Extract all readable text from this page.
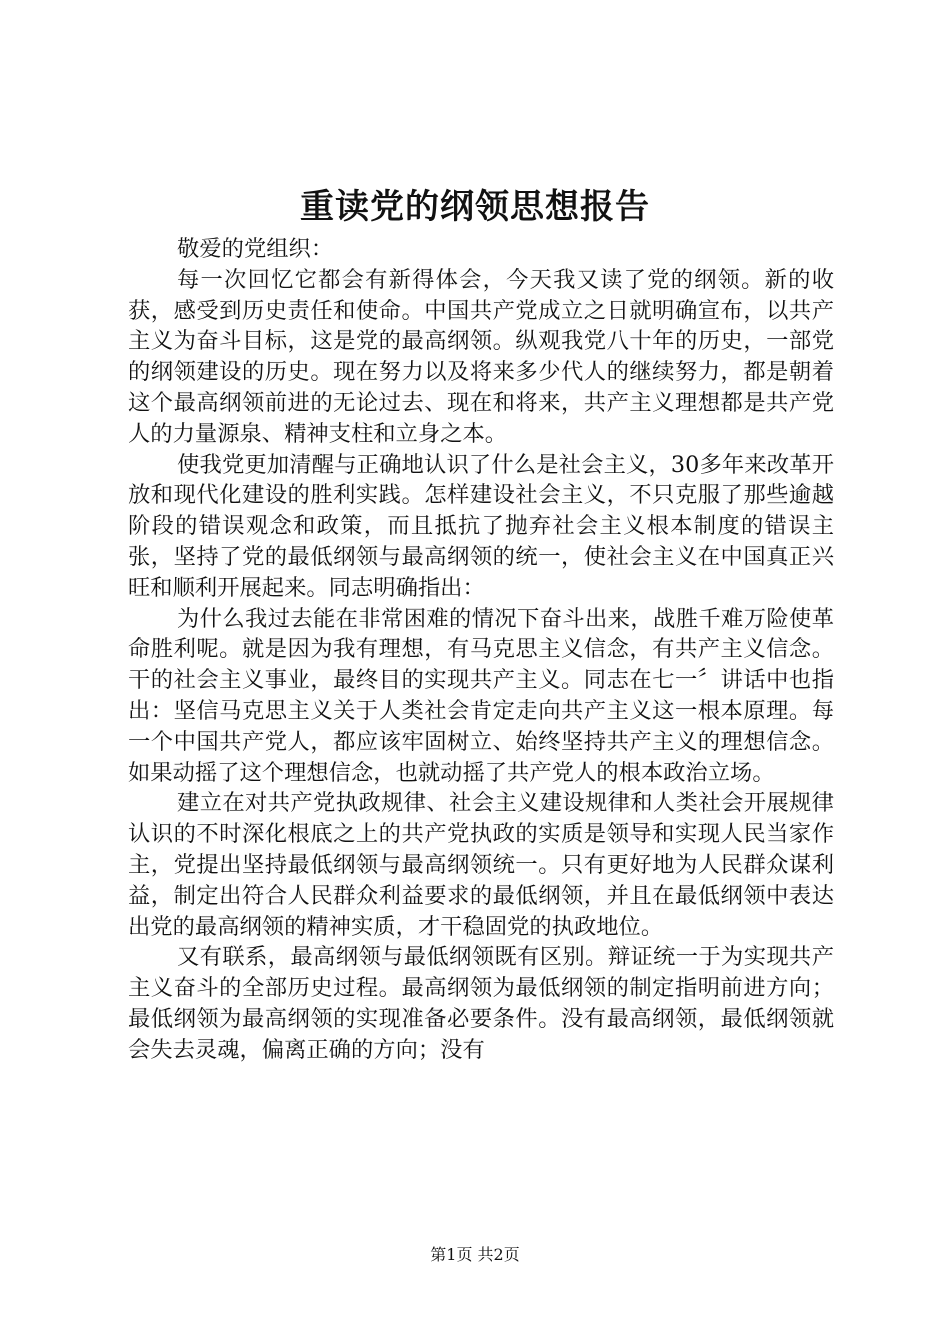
重读党的纲领思想报告

敬爱的党组织：

每一次回忆它都会有新得体会，今天我又读了党的纲领。新的收获，感受到历史责任和使命。中国共产党成立之日就明确宣布，以共产主义为奋斗目标，这是党的最高纲领。纵观我党八十年的历史，一部党的纲领建设的历史。现在努力以及将来多少代人的继续努力，都是朝着这个最高纲领前进的无论过去、现在和将来，共产主义理想都是共产党人的力量源泉、精神支柱和立身之本。

使我党更加清醒与正确地认识了什么是社会主义，30多年来改革开放和现代化建设的胜利实践。怎样建设社会主义，不只克服了那些逾越阶段的错误观念和政策，而且抵抗了抛弃社会主义根本制度的错误主张，坚持了党的最低纲领与最高纲领的统一，使社会主义在中国真正兴旺和顺利开展起来。同志明确指出：

为什么我过去能在非常困难的情况下奋斗出来，战胜千难万险使革命胜利呢。就是因为我有理想，有马克思主义信念，有共产主义信念。干的社会主义事业，最终目的实现共产主义。同志在七一〞讲话中也指出：坚信马克思主义关于人类社会肯定走向共产主义这一根本原理。每一个中国共产党人，都应该牢固树立、始终坚持共产主义的理想信念。如果动摇了这个理想信念，也就动摇了共产党人的根本政治立场。

建立在对共产党执政规律、社会主义建设规律和人类社会开展规律认识的不时深化根底之上的共产党执政的实质是领导和实现人民当家作主，党提出坚持最低纲领与最高纲领统一。只有更好地为人民群众谋利益，制定出符合人民群众利益要求的最低纲领，并且在最低纲领中表达出党的最高纲领的精神实质，才干稳固党的执政地位。

又有联系，最高纲领与最低纲领既有区别。辩证统一于为实现共产主义奋斗的全部历史过程。最高纲领为最低纲领的制定指明前进方向；最低纲领为最高纲领的实现准备必要条件。没有最高纲领，最低纲领就会失去灵魂，偏离正确的方向；没有

第1页 共2页
